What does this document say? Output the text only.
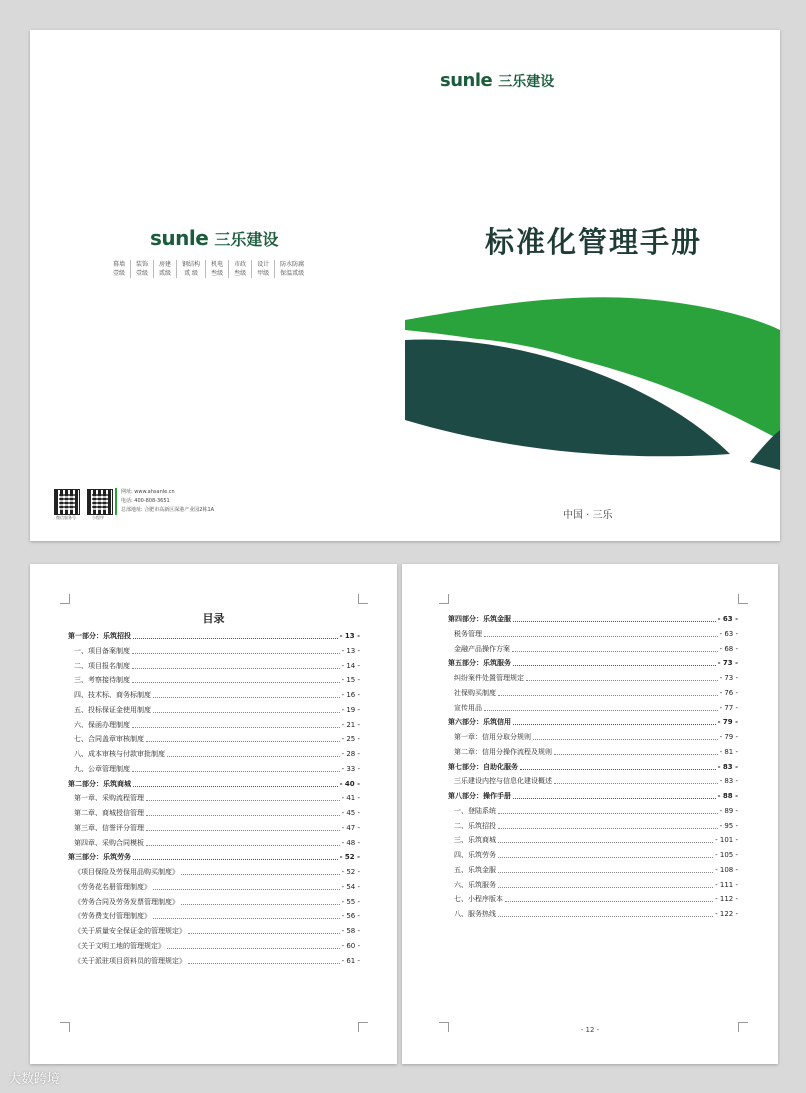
sunle 三乐建设
幕墙
壹级
装饰
壹级
房建
贰级
钢结构
贰 级
机电
叁级
市政
叁级
设计
甲级
防水防腐
保温贰级
微信服务号	小程序
网址: www.ahsanle.cn
电话: 400-808-3651
总部地址: 合肥市高新区深港产业园2栋1A
sunle 三乐建设
标准化管理手册
中国 · 三乐
目录
第一部分：乐筑招投	- 13 -
一、项目备案制度	- 13 -
二、项目报名制度	- 14 -
三、考察接待制度	- 15 -
四、技术标、商务标制度	- 16 -
五、投标保证金使用制度	- 19 -
六、保函办理制度	- 21 -
七、合同盖章审核制度	- 25 -
八、成本审核与付款审批制度	- 28 -
九、公章管理制度	- 33 -
第二部分：乐筑商城	- 40 -
第一章、采购流程管理	- 41 -
第二章、商城授信管理	- 45 -
第三章、信誉评分管理	- 47 -
第四章、采购合同模板	- 48 -
第三部分：乐筑劳务	- 52 -
《项目保险及劳保用品购买制度》	- 52 -
《劳务花名册管理制度》	- 54 -
《劳务合同及劳务发票管理制度》	- 55 -
《劳务费支付管理制度》	- 56 -
《关于质量安全保证金的管理规定》	- 58 -
《关于文明工地的管理规定》	- 60 -
《关于派驻项目资料员的管理规定》	- 61 -
第四部分：乐筑金服	- 63 -
税务管理	- 63 -
金融产品操作方案	- 68 -
第五部分：乐筑服务	- 73 -
纠纷案件处置管理规定	- 73 -
社保购买制度	- 76 -
宣传用品	- 77 -
第六部分：乐筑信用	- 79 -
第一章：信用分取分规则	- 79 -
第二章：信用分操作流程及规则	- 81 -
第七部分：自助化服务	- 83 -
三乐建设内控与信息化建设概述	- 83 -
第八部分：操作手册	- 88 -
一、登陆系统	- 89 -
二、乐筑招投	- 95 -
三、乐筑商城	- 101 -
四、乐筑劳务	- 105 -
五、乐筑金服	- 108 -
六、乐筑服务	- 111 -
七、小程序版本	- 112 -
八、服务热线	- 122 -
- 12 -
大数跨境
